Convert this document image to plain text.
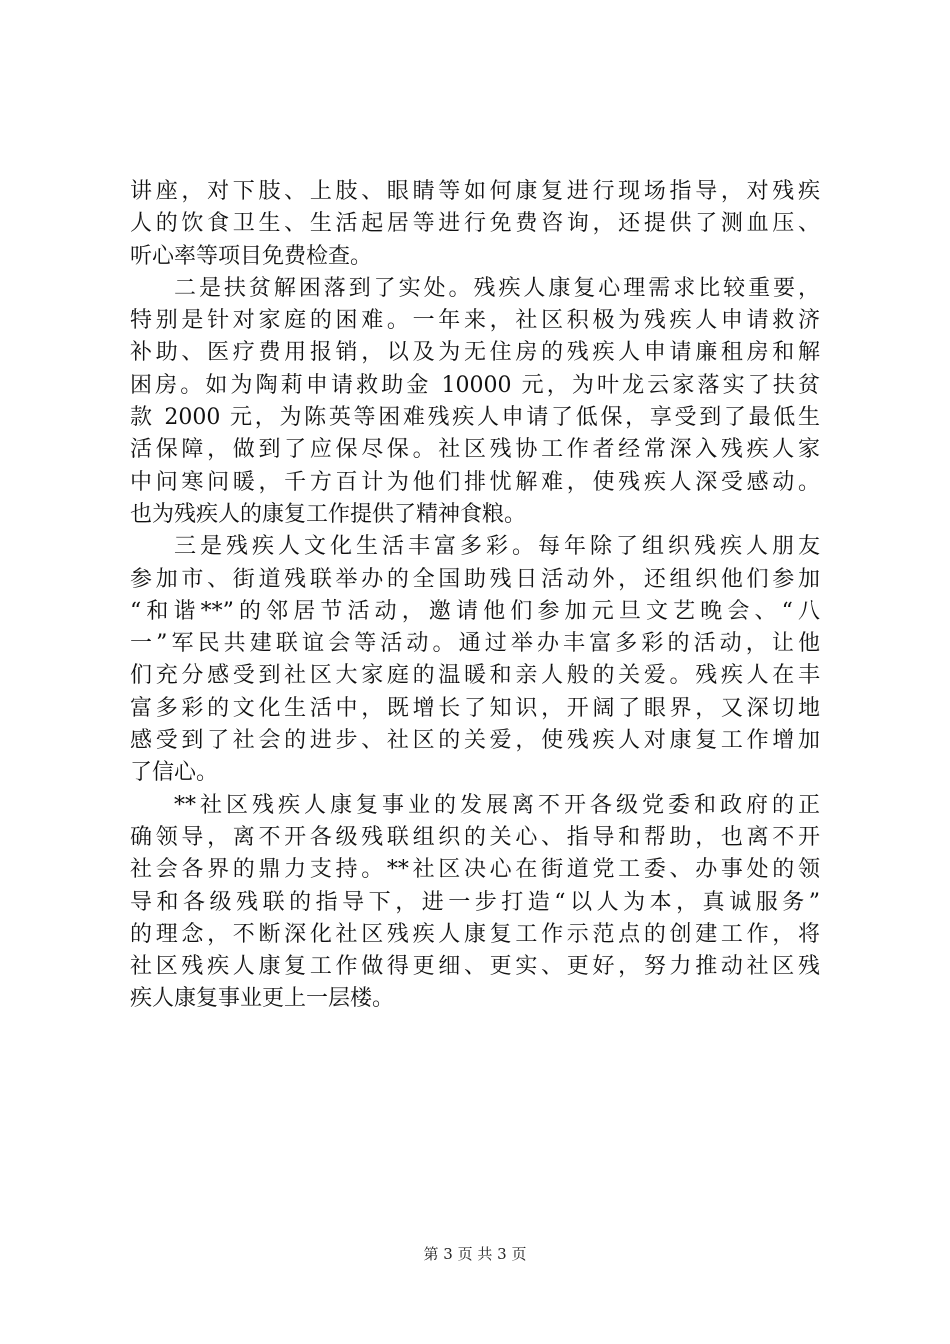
讲座，对下肢、上肢、眼睛等如何康复进行现场指导，对残疾
人的饮食卫生、生活起居等进行免费咨询，还提供了测血压、
听心率等项目免费检查。
二是扶贫解困落到了实处。残疾人康复心理需求比较重要，
特别是针对家庭的困难。一年来，社区积极为残疾人申请救济
补助、医疗费用报销，以及为无住房的残疾人申请廉租房和解
困房。如为陶莉申请救助金 10000 元，为叶龙云家落实了扶贫
款 2000 元，为陈英等困难残疾人申请了低保，享受到了最低生
活保障，做到了应保尽保。社区残协工作者经常深入残疾人家
中问寒问暖，千方百计为他们排忧解难，使残疾人深受感动。
也为残疾人的康复工作提供了精神食粮。
三是残疾人文化生活丰富多彩。每年除了组织残疾人朋友
参加市、街道残联举办的全国助残日活动外，还组织他们参加
“和谐**”的邻居节活动，邀请他们参加元旦文艺晚会、“八
一”军民共建联谊会等活动。通过举办丰富多彩的活动，让他
们充分感受到社区大家庭的温暖和亲人般的关爱。残疾人在丰
富多彩的文化生活中，既增长了知识，开阔了眼界，又深切地
感受到了社会的进步、社区的关爱，使残疾人对康复工作增加
了信心。
**社区残疾人康复事业的发展离不开各级党委和政府的正
确领导，离不开各级残联组织的关心、指导和帮助，也离不开
社会各界的鼎力支持。**社区决心在街道党工委、办事处的领
导和各级残联的指导下，进一步打造“以人为本，真诚服务”
的理念，不断深化社区残疾人康复工作示范点的创建工作，将
社区残疾人康复工作做得更细、更实、更好，努力推动社区残
疾人康复事业更上一层楼。
第 3 页 共 3 页
